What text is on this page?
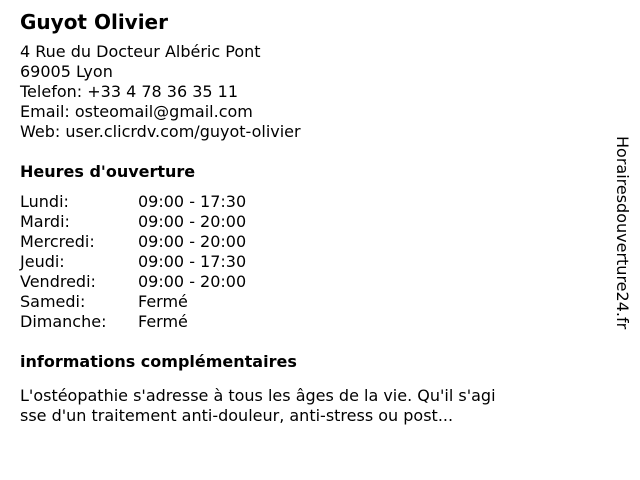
Guyot Olivier
4 Rue du Docteur Albéric Pont
69005 Lyon
Telefon: +33 4 78 36 35 11
Email: osteomail@gmail.com
Web: user.clicrdv.com/guyot-olivier
Heures d'ouverture
Lundi:	09:00 - 17:30
Mardi:	09:00 - 20:00
Mercredi:	09:00 - 20:00
Jeudi:	09:00 - 17:30
Vendredi:	09:00 - 20:00
Samedi:	Fermé
Dimanche:	Fermé
informations complémentaires
L'ostéopathie s'adresse à tous les âges de la vie. Qu'il s'agisse d'un traitement anti-douleur, anti-stress ou post...
Horairesdouverture24.fr
